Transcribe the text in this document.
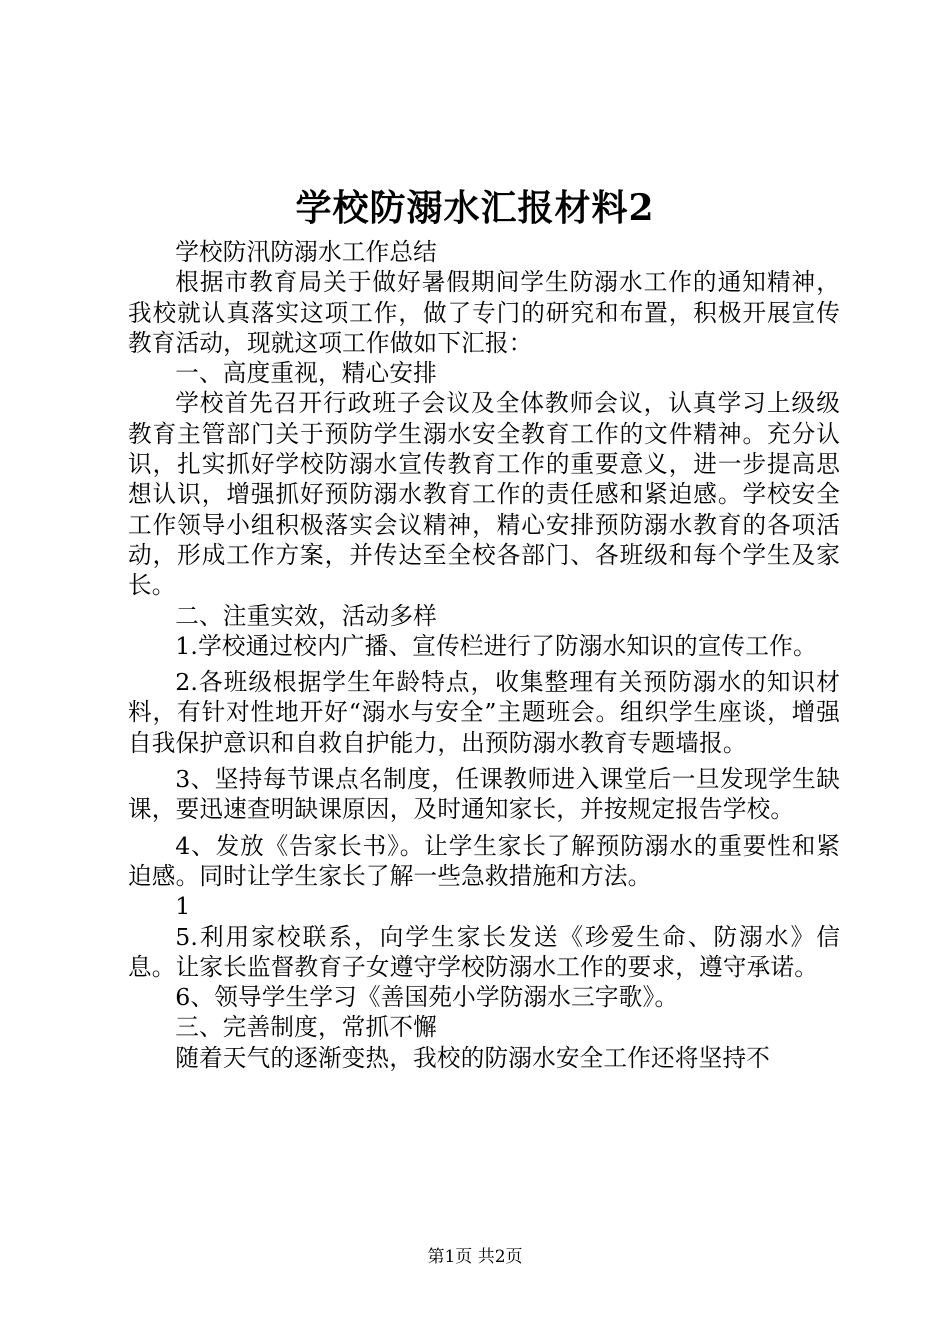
学校防溺水汇报材料2

学校防汛防溺水工作总结

根据市教育局关于做好暑假期间学生防溺水工作的通知精神，我校就认真落实这项工作，做了专门的研究和布置，积极开展宣传教育活动，现就这项工作做如下汇报：

一、高度重视，精心安排

学校首先召开行政班子会议及全体教师会议，认真学习上级级教育主管部门关于预防学生溺水安全教育工作的文件精神。充分认识，扎实抓好学校防溺水宣传教育工作的重要意义，进一步提高思想认识，增强抓好预防溺水教育工作的责任感和紧迫感。学校安全工作领导小组积极落实会议精神，精心安排预防溺水教育的各项活动，形成工作方案，并传达至全校各部门、各班级和每个学生及家长。

二、注重实效，活动多样

1.学校通过校内广播、宣传栏进行了防溺水知识的宣传工作。

2.各班级根据学生年龄特点，收集整理有关预防溺水的知识材料，有针对性地开好“溺水与安全”主题班会。组织学生座谈，增强自我保护意识和自救自护能力，出预防溺水教育专题墙报。

3、坚持每节课点名制度，任课教师进入课堂后一旦发现学生缺课，要迅速查明缺课原因，及时通知家长，并按规定报告学校。

4、发放《告家长书》。让学生家长了解预防溺水的重要性和紧迫感。同时让学生家长了解一些急救措施和方法。

1

5.利用家校联系，向学生家长发送《珍爱生命、防溺水》信息。让家长监督教育子女遵守学校防溺水工作的要求，遵守承诺。

6、领导学生学习《善国苑小学防溺水三字歌》。

三、完善制度，常抓不懈

随着天气的逐渐变热，我校的防溺水安全工作还将坚持不

第1页 共2页
